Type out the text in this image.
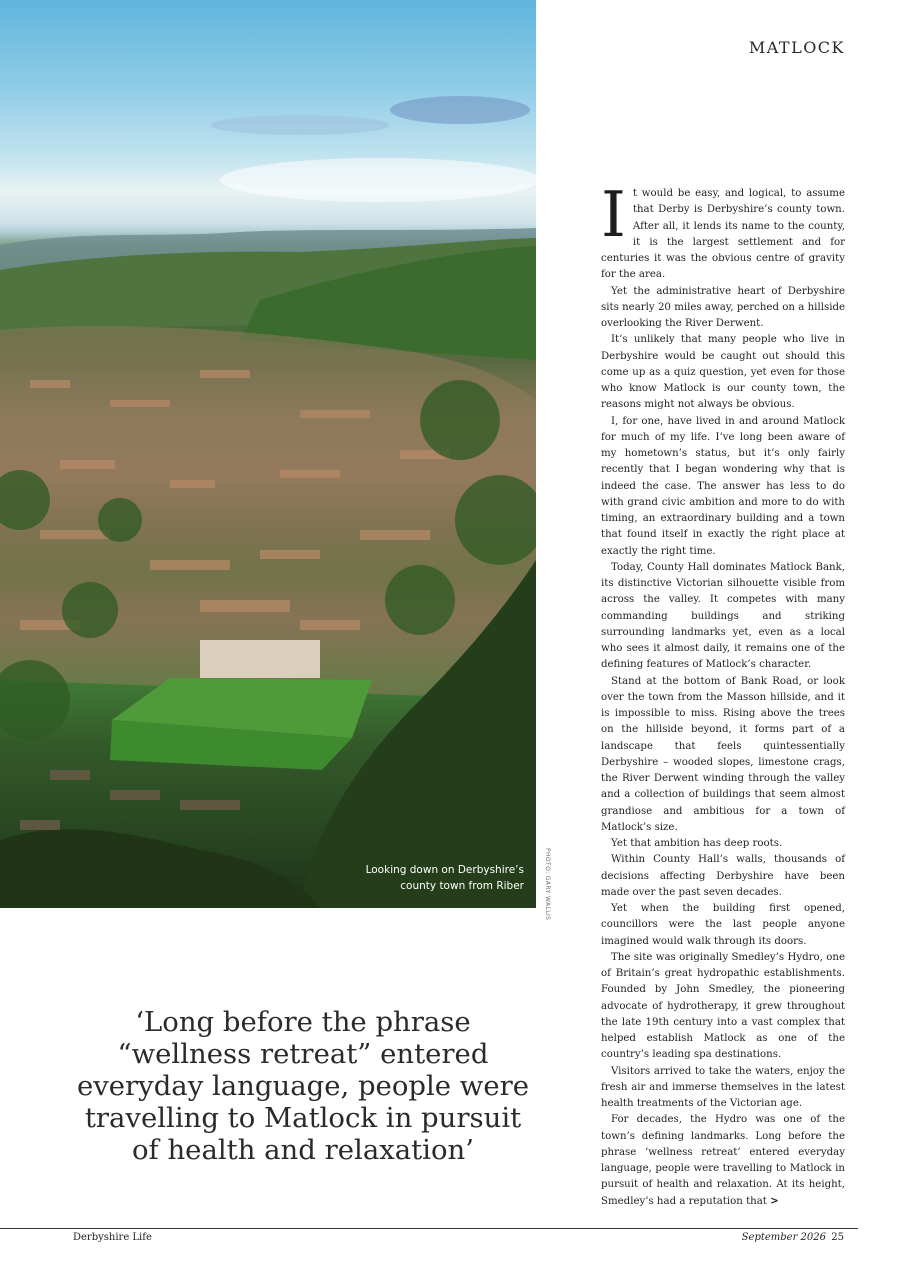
Looking down on Derbyshire’s
county town from Riber	PHOTO: GARY WALLIS
MATLOCK

It would be easy, and logical, to assume that Derby is Derbyshire’s county town. After all, it lends its name to the county, it is the largest settlement and for centuries it was the obvious centre of gravity for the area.

Yet the administrative heart of Derbyshire sits nearly 20 miles away, perched on a hillside overlooking the River Derwent.

It’s unlikely that many people who live in Derbyshire would be caught out should this come up as a quiz question, yet even for those who know Matlock is our county town, the reasons might not always be obvious.

I, for one, have lived in and around Matlock for much of my life. I’ve long been aware of my hometown’s status, but it’s only fairly recently that I began wondering why that is indeed the case. The answer has less to do with grand civic ambition and more to do with timing, an extraordinary building and a town that found itself in exactly the right place at exactly the right time.

Today, County Hall dominates Matlock Bank, its distinctive Victorian silhouette visible from across the valley. It competes with many commanding buildings and striking surrounding landmarks yet, even as a local who sees it almost daily, it remains one of the defining features of Matlock’s character.

Stand at the bottom of Bank Road, or look over the town from the Masson hillside, and it is impossible to miss. Rising above the trees on the hillside beyond, it forms part of a landscape that feels quintessentially Derbyshire – wooded slopes, limestone crags, the River Derwent winding through the valley and a collection of buildings that seem almost grandiose and ambitious for a town of Matlock’s size.

Yet that ambition has deep roots.

Within County Hall’s walls, thousands of decisions affecting Derbyshire have been made over the past seven decades.

Yet when the building first opened, councillors were the last people anyone imagined would walk through its doors.

The site was originally Smedley’s Hydro, one of Britain’s great hydropathic establishments. Founded by John Smedley, the pioneering advocate of hydrotherapy, it grew throughout the late 19th century into a vast complex that helped establish Matlock as one of the country’s leading spa destinations.

Visitors arrived to take the waters, enjoy the fresh air and immerse themselves in the latest health treatments of the Victorian age.

For decades, the Hydro was one of the town’s defining landmarks. Long before the phrase ‘wellness retreat’ entered everyday language, people were travelling to Matlock in pursuit of health and relaxation. At its height, Smedley’s had a reputation that >

‘Long before the phrase “wellness retreat” entered everyday language, people were travelling to Matlock in pursuit of health and relaxation’
Derbyshire Life	September 2026 25
